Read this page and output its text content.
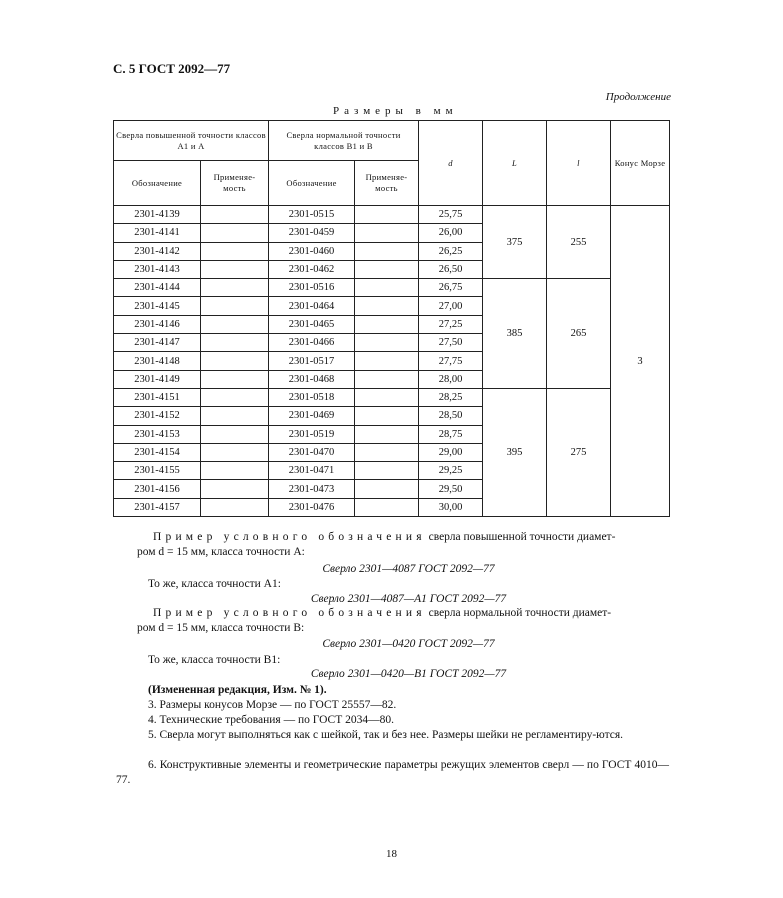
С. 5 ГОСТ 2092—77
Продолжение
Размеры в мм
Сверла повышенной точности классов А1 и А		Сверла нормальной точности классов В1 и В		d	L	l	Конус Морзе
Обозначение	Применяе-мость	Обозначение	Применяе-мость				
2301-4139		2301-0515		25,75	375	255	3
2301-4141		2301-0459		26,00			
2301-4142		2301-0460		26,25			
2301-4143		2301-0462		26,50			
2301-4144		2301-0516		26,75	385	265	
2301-4145		2301-0464		27,00			
2301-4146		2301-0465		27,25			
2301-4147		2301-0466		27,50			
2301-4148		2301-0517		27,75			
2301-4149		2301-0468		28,00			
2301-4151		2301-0518		28,25	395	275	
2301-4152		2301-0469		28,50			
2301-4153		2301-0519		28,75			
2301-4154		2301-0470		29,00			
2301-4155		2301-0471		29,25			
2301-4156		2301-0473		29,50			
2301-4157		2301-0476		30,00			
Пример условного обозначения сверла повышенной точности диамет-
ром d = 15 мм, класса точности А:
Сверло 2301—4087 ГОСТ 2092—77
То же, класса точности А1:
Сверло 2301—4087—А1 ГОСТ 2092—77
Пример условного обозначения сверла нормальной точности диамет-
ром d = 15 мм, класса точности В:
Сверло 2301—0420 ГОСТ 2092—77
То же, класса точности В1:
Сверло 2301—0420—В1 ГОСТ 2092—77
(Измененная редакция, Изм. № 1).
3. Размеры конусов Морзе — по ГОСТ 25557—82.
4. Технические требования — по ГОСТ 2034—80.
5. Сверла могут выполняться как с шейкой, так и без нее. Размеры шейки не регламентиру-ются.
6. Конструктивные элементы и геометрические параметры режущих элементов сверл — по ГОСТ 4010—77.
18
